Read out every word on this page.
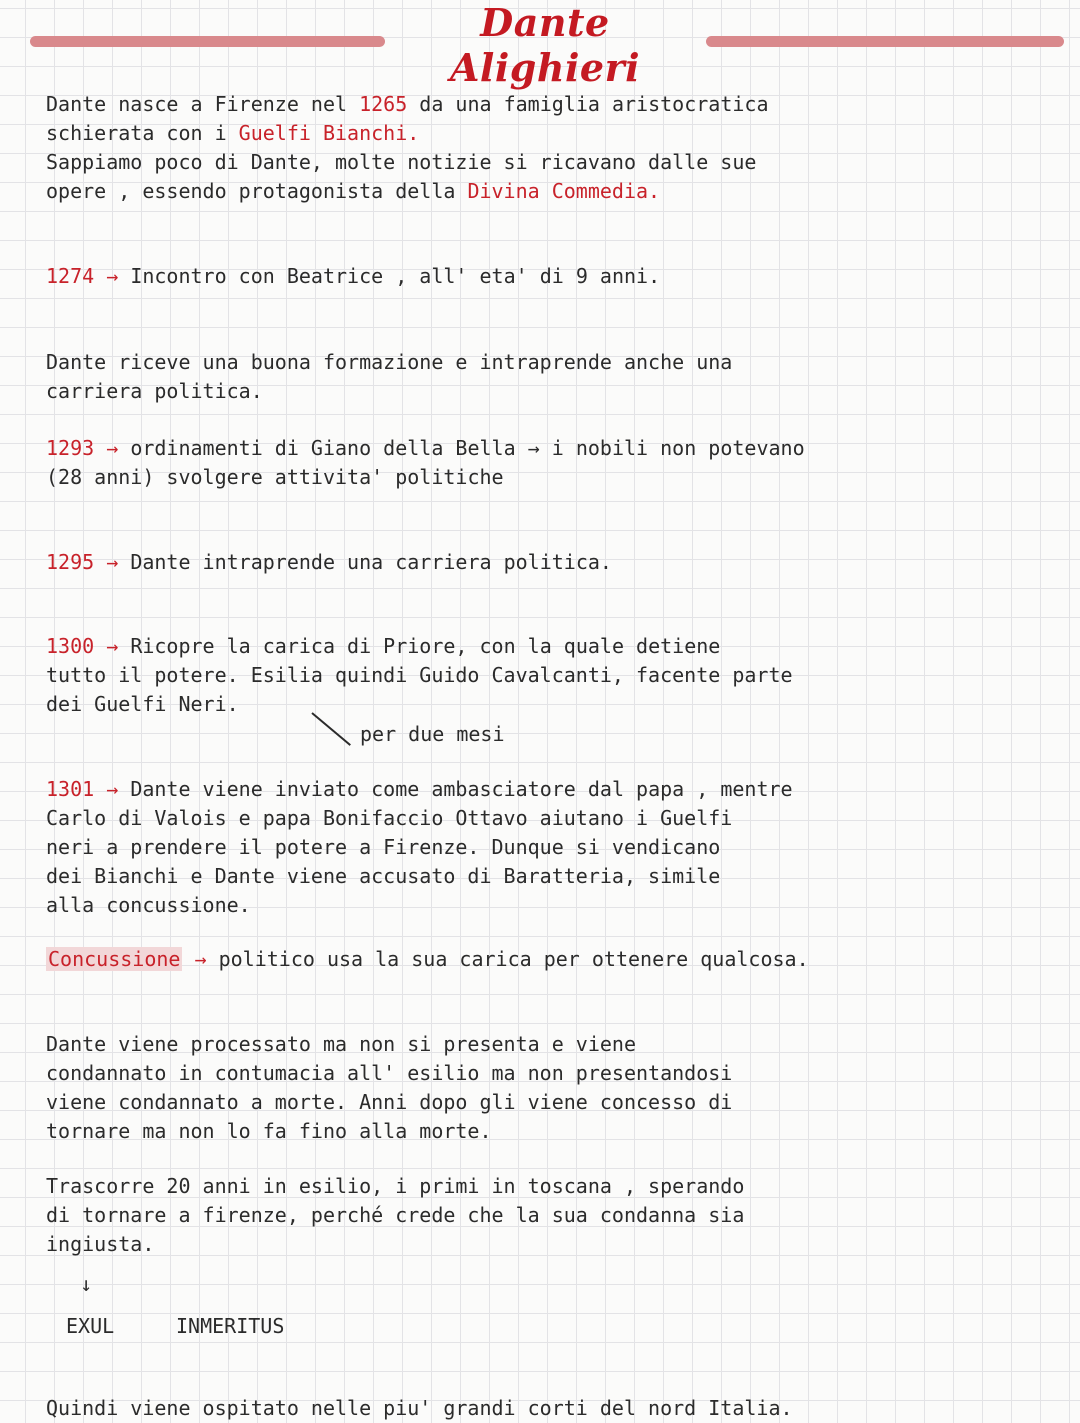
Dante Alighieri

Dante nasce a Firenze nel 1265 da una famiglia aristocratica

schierata con i Guelfi Bianchi.

Sappiamo poco di Dante, molte notizie si ricavano dalle sue

opere , essendo protagonista della Divina Commedia.

1274 → Incontro con Beatrice , all' eta' di 9 anni.

Dante riceve una buona formazione e intraprende anche una

carriera politica.

1293 → ordinamenti di Giano della Bella → i nobili non potevano

(28 anni) svolgere attivita' politiche

1295 → Dante intraprende una carriera politica.

1300 → Ricopre la carica di Priore, con la quale detiene

tutto il potere. Esilia quindi Guido Cavalcanti, facente parte

dei Guelfi Neri.

per due mesi

1301 → Dante viene inviato come ambasciatore dal papa , mentre

Carlo di Valois e papa Bonifaccio Ottavo aiutano i Guelfi

neri a prendere il potere a Firenze. Dunque si vendicano

dei Bianchi e Dante viene accusato di Baratteria, simile

alla concussione.

Concussione → politico usa la sua carica per ottenere qualcosa.

Dante viene processato ma non si presenta e viene

condannato in contumacia all' esilio ma non presentandosi

viene condannato a morte. Anni dopo gli viene concesso di

tornare ma non lo fa fino alla morte.

Trascorre 20 anni in esilio, i primi in toscana , sperando

di tornare a firenze, perché crede che la sua condanna sia

ingiusta.

↓
EXUL	INMERITUS

Quindi viene ospitato nelle piu' grandi corti del nord Italia.
